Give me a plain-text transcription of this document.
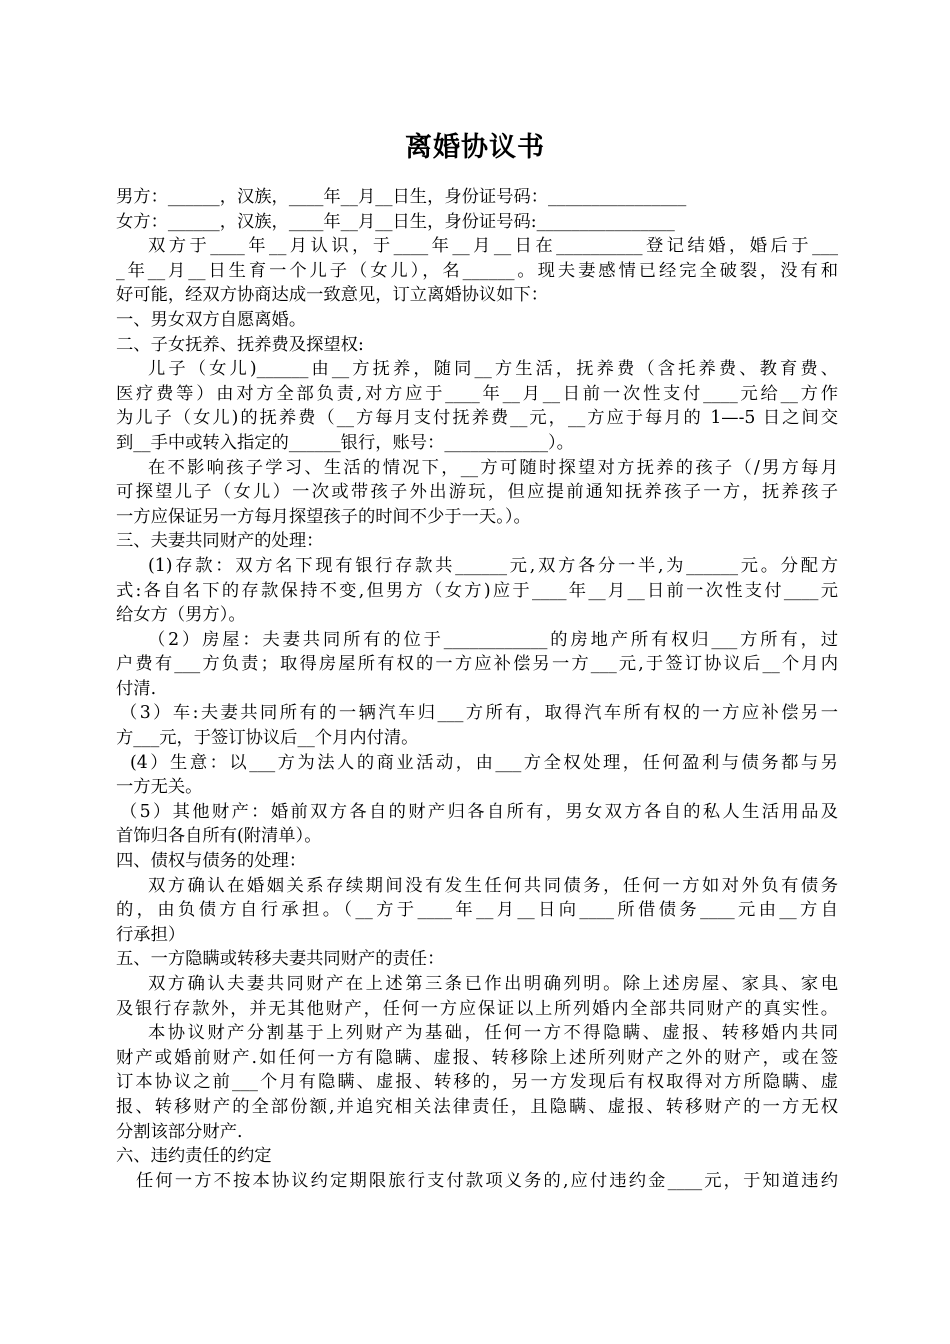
离婚协议书
男方：______，汉族，____年__月__日生，身份证号码：________________
女方：______，汉族，____年__月__日生，身份证号码:________________
双方于____年__月认识，于____年__月__日在__________登记结婚，婚后于___
_年__月__日生育一个儿子（女儿），名______。现夫妻感情已经完全破裂，没有和
好可能，经双方协商达成一致意见，订立离婚协议如下：
一、男女双方自愿离婚。
二、子女抚养、抚养费及探望权:
儿子（女儿)______由__方抚养，随同__方生活，抚养费（含托养费、教育费、
医疗费等）由对方全部负责,对方应于____年__月__日前一次性支付____元给__方作
为儿子（女儿)的抚养费（__方每月支付抚养费__元，__方应于每月的 1—-5 日之间交
到__手中或转入指定的______银行，账号：____________）。
在不影响孩子学习、生活的情况下，__方可随时探望对方抚养的孩子（/男方每月
可探望儿子（女儿）一次或带孩子外出游玩，但应提前通知抚养孩子一方，抚养孩子
一方应保证另一方每月探望孩子的时间不少于一天。）。
三、夫妻共同财产的处理：
(1)存款：双方名下现有银行存款共______元,双方各分一半,为______元。分配方
式:各自名下的存款保持不变,但男方（女方)应于____年__月__日前一次性支付____元
给女方（男方）。
（2）房屋：夫妻共同所有的位于____________的房地产所有权归___方所有，过
户费有___方负责；取得房屋所有权的一方应补偿另一方___元,于签订协议后__个月内
付清.
（3）车:夫妻共同所有的一辆汽车归___方所有，取得汽车所有权的一方应补偿另一
方___元，于签订协议后__个月内付清。
(4）生意：以___方为法人的商业活动，由___方全权处理，任何盈利与债务都与另
一方无关。
（5）其他财产：婚前双方各自的财产归各自所有，男女双方各自的私人生活用品及
首饰归各自所有(附清单）。
四、债权与债务的处理：
双方确认在婚姻关系存续期间没有发生任何共同债务，任何一方如对外负有债务
的，由负债方自行承担。（__方于____年__月__日向____所借债务____元由__方自
行承担）
五、一方隐瞒或转移夫妻共同财产的责任：
双方确认夫妻共同财产在上述第三条已作出明确列明。除上述房屋、家具、家电
及银行存款外，并无其他财产，任何一方应保证以上所列婚内全部共同财产的真实性。
本协议财产分割基于上列财产为基础，任何一方不得隐瞒、虚报、转移婚内共同
财产或婚前财产.如任何一方有隐瞒、虚报、转移除上述所列财产之外的财产，或在签
订本协议之前___个月有隐瞒、虚报、转移的，另一方发现后有权取得对方所隐瞒、虚
报、转移财产的全部份额,并追究相关法律责任，且隐瞒、虚报、转移财产的一方无权
分割该部分财产.
六、违约责任的约定
任何一方不按本协议约定期限旅行支付款项义务的,应付违约金____元，于知道违约
